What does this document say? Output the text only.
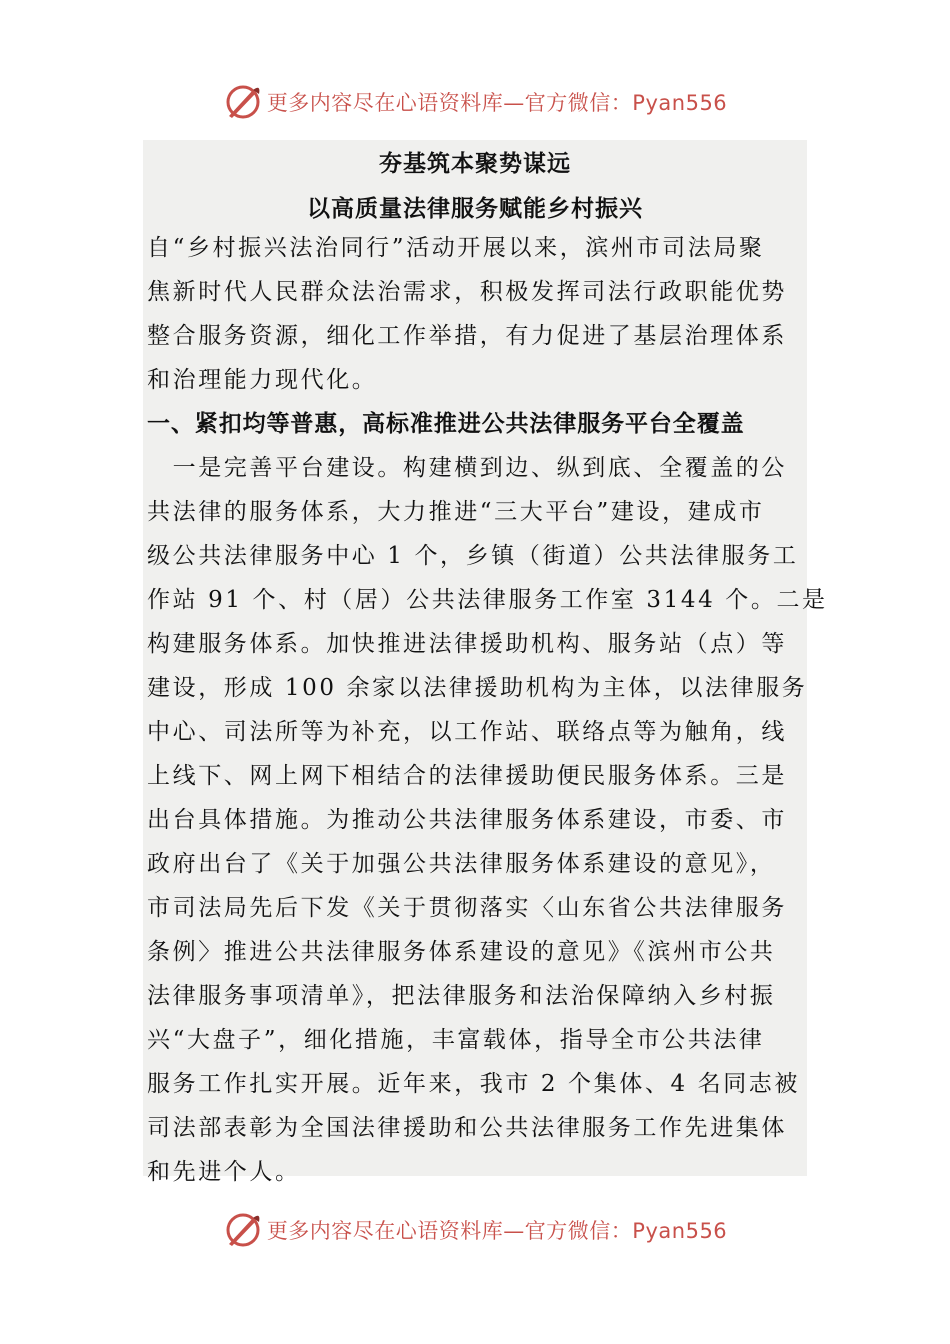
更多内容尽在心语资料库—官方微信：Pyan556
夯基筑本聚势谋远
以高质量法律服务赋能乡村振兴
自“乡村振兴法治同行”活动开展以来，滨州市司法局聚
焦新时代人民群众法治需求，积极发挥司法行政职能优势
整合服务资源，细化工作举措，有力促进了基层治理体系
和治理能力现代化。
一、紧扣均等普惠，高标准推进公共法律服务平台全覆盖
　一是完善平台建设。构建横到边、纵到底、全覆盖的公
共法律的服务体系，大力推进“三大平台”建设，建成市
级公共法律服务中心 1 个，乡镇（街道）公共法律服务工
作站 91 个、村（居）公共法律服务工作室 3144 个。二是
构建服务体系。加快推进法律援助机构、服务站（点）等
建设，形成 100 余家以法律援助机构为主体，以法律服务
中心、司法所等为补充，以工作站、联络点等为触角，线
上线下、网上网下相结合的法律援助便民服务体系。三是
出台具体措施。为推动公共法律服务体系建设，市委、市
政府出台了《关于加强公共法律服务体系建设的意见》，
市司法局先后下发《关于贯彻落实〈山东省公共法律服务
条例〉推进公共法律服务体系建设的意见》《滨州市公共
法律服务事项清单》，把法律服务和法治保障纳入乡村振
兴“大盘子”，细化措施，丰富载体，指导全市公共法律
服务工作扎实开展。近年来，我市 2 个集体、4 名同志被
司法部表彰为全国法律援助和公共法律服务工作先进集体
和先进个人。
更多内容尽在心语资料库—官方微信：Pyan556
